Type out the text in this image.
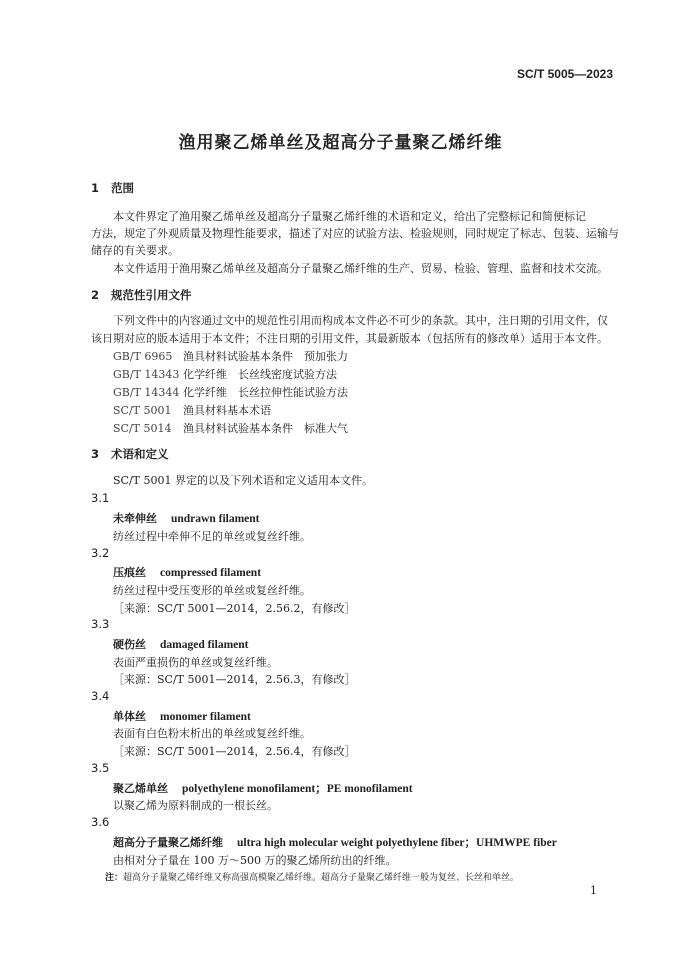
SC/T 5005—2023
渔用聚乙烯单丝及超高分子量聚乙烯纤维
1 范围
本文件界定了渔用聚乙烯单丝及超高分子量聚乙烯纤维的术语和定义，给出了完整标记和简便标记
方法，规定了外观质量及物理性能要求，描述了对应的试验方法、检验规则，同时规定了标志、包装、运输与
储存的有关要求。
本文件适用于渔用聚乙烯单丝及超高分子量聚乙烯纤维的生产、贸易、检验、管理、监督和技术交流。
2 规范性引用文件
下列文件中的内容通过文中的规范性引用而构成本文件必不可少的条款。其中，注日期的引用文件，仅
该日期对应的版本适用于本文件；不注日期的引用文件，其最新版本（包括所有的修改单）适用于本文件。
GB/T 6965 渔具材料试验基本条件　预加张力
GB/T 14343 化学纤维　长丝线密度试验方法
GB/T 14344 化学纤维　长丝拉伸性能试验方法
SC/T 5001 渔具材料基本术语
SC/T 5014 渔具材料试验基本条件　标准大气
3 术语和定义
SC/T 5001 界定的以及下列术语和定义适用本文件。
3.1
未牵伸丝 undrawn filament
纺丝过程中牵伸不足的单丝或复丝纤维。
3.2
压痕丝 compressed filament
纺丝过程中受压变形的单丝或复丝纤维。
［来源：SC/T 5001—2014，2.56.2，有修改］
3.3
硬伤丝 damaged filament
表面严重损伤的单丝或复丝纤维。
［来源：SC/T 5001—2014，2.56.3，有修改］
3.4
单体丝 monomer filament
表面有白色粉末析出的单丝或复丝纤维。
［来源：SC/T 5001—2014，2.56.4，有修改］
3.5
聚乙烯单丝 polyethylene monofilament；PE monofilament
以聚乙烯为原料制成的一根长丝。
3.6
超高分子量聚乙烯纤维 ultra high molecular weight polyethylene fiber；UHMWPE fiber
由相对分子量在 100 万～500 万的聚乙烯所纺出的纤维。
注：超高分子量聚乙烯纤维又称高强高模聚乙烯纤维。超高分子量聚乙烯纤维一般为复丝、长丝和单丝。
1
